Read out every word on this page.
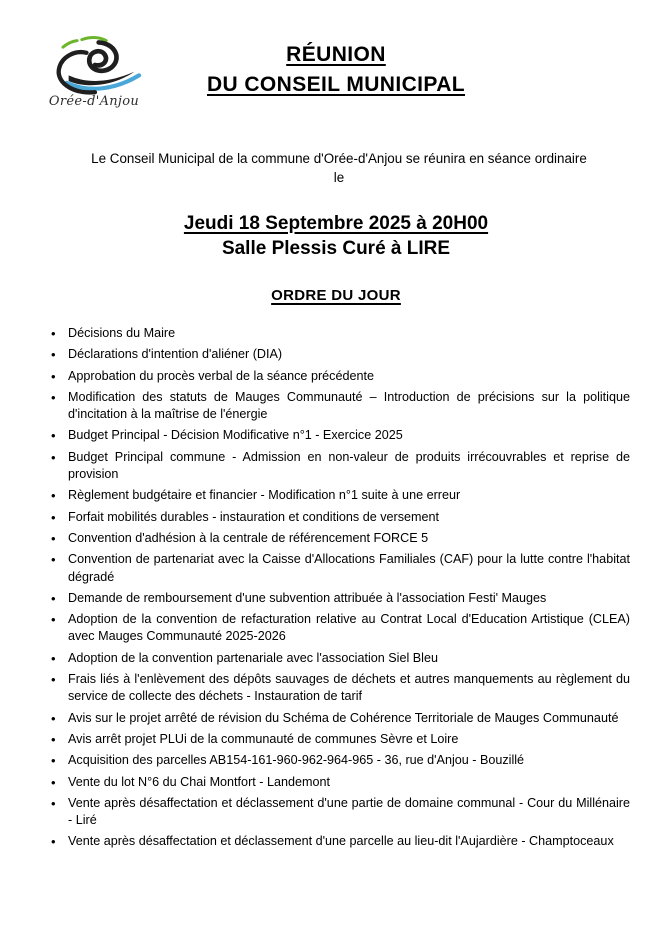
Orée-d'Anjou
RÉUNION
DU CONSEIL MUNICIPAL

Le Conseil Municipal de la commune d'Orée-d'Anjou se réunira en séance ordinaire
le

Jeudi 18 Septembre 2025 à 20H00
Salle Plessis Curé à LIRE
ORDRE DU JOUR
• Décisions du Maire
• Déclarations d'intention d'aliéner (DIA)
• Approbation du procès verbal de la séance précédente
• Modification des statuts de Mauges Communauté – Introduction de précisions sur la politique d'incitation à la maîtrise de l'énergie
• Budget Principal - Décision Modificative n°1 - Exercice 2025
• Budget Principal commune - Admission en non-valeur de produits irrécouvrables et reprise de provision
• Règlement budgétaire et financier - Modification n°1 suite à une erreur
• Forfait mobilités durables - instauration et conditions de versement
• Convention d'adhésion à la centrale de référencement FORCE 5
• Convention de partenariat avec la Caisse d'Allocations Familiales (CAF) pour la lutte contre l'habitat dégradé
• Demande de remboursement d'une subvention attribuée à l'association Festi' Mauges
• Adoption de la convention de refacturation relative au Contrat Local d'Education Artistique (CLEA) avec Mauges Communauté 2025-2026
• Adoption de la convention partenariale avec l'association Siel Bleu
• Frais liés à l'enlèvement des dépôts sauvages de déchets et autres manquements au règlement du service de collecte des déchets - Instauration de tarif
• Avis sur le projet arrêté de révision du Schéma de Cohérence Territoriale de Mauges Communauté
• Avis arrêt projet PLUi de la communauté de communes Sèvre et Loire
• Acquisition des parcelles AB154-161-960-962-964-965 - 36, rue d'Anjou - Bouzillé
• Vente du lot N°6 du Chai Montfort - Landemont
• Vente après désaffectation et déclassement d'une partie de domaine communal - Cour du Millénaire - Liré
• Vente après désaffectation et déclassement d'une parcelle au lieu-dit l'Aujardière - Champtoceaux
